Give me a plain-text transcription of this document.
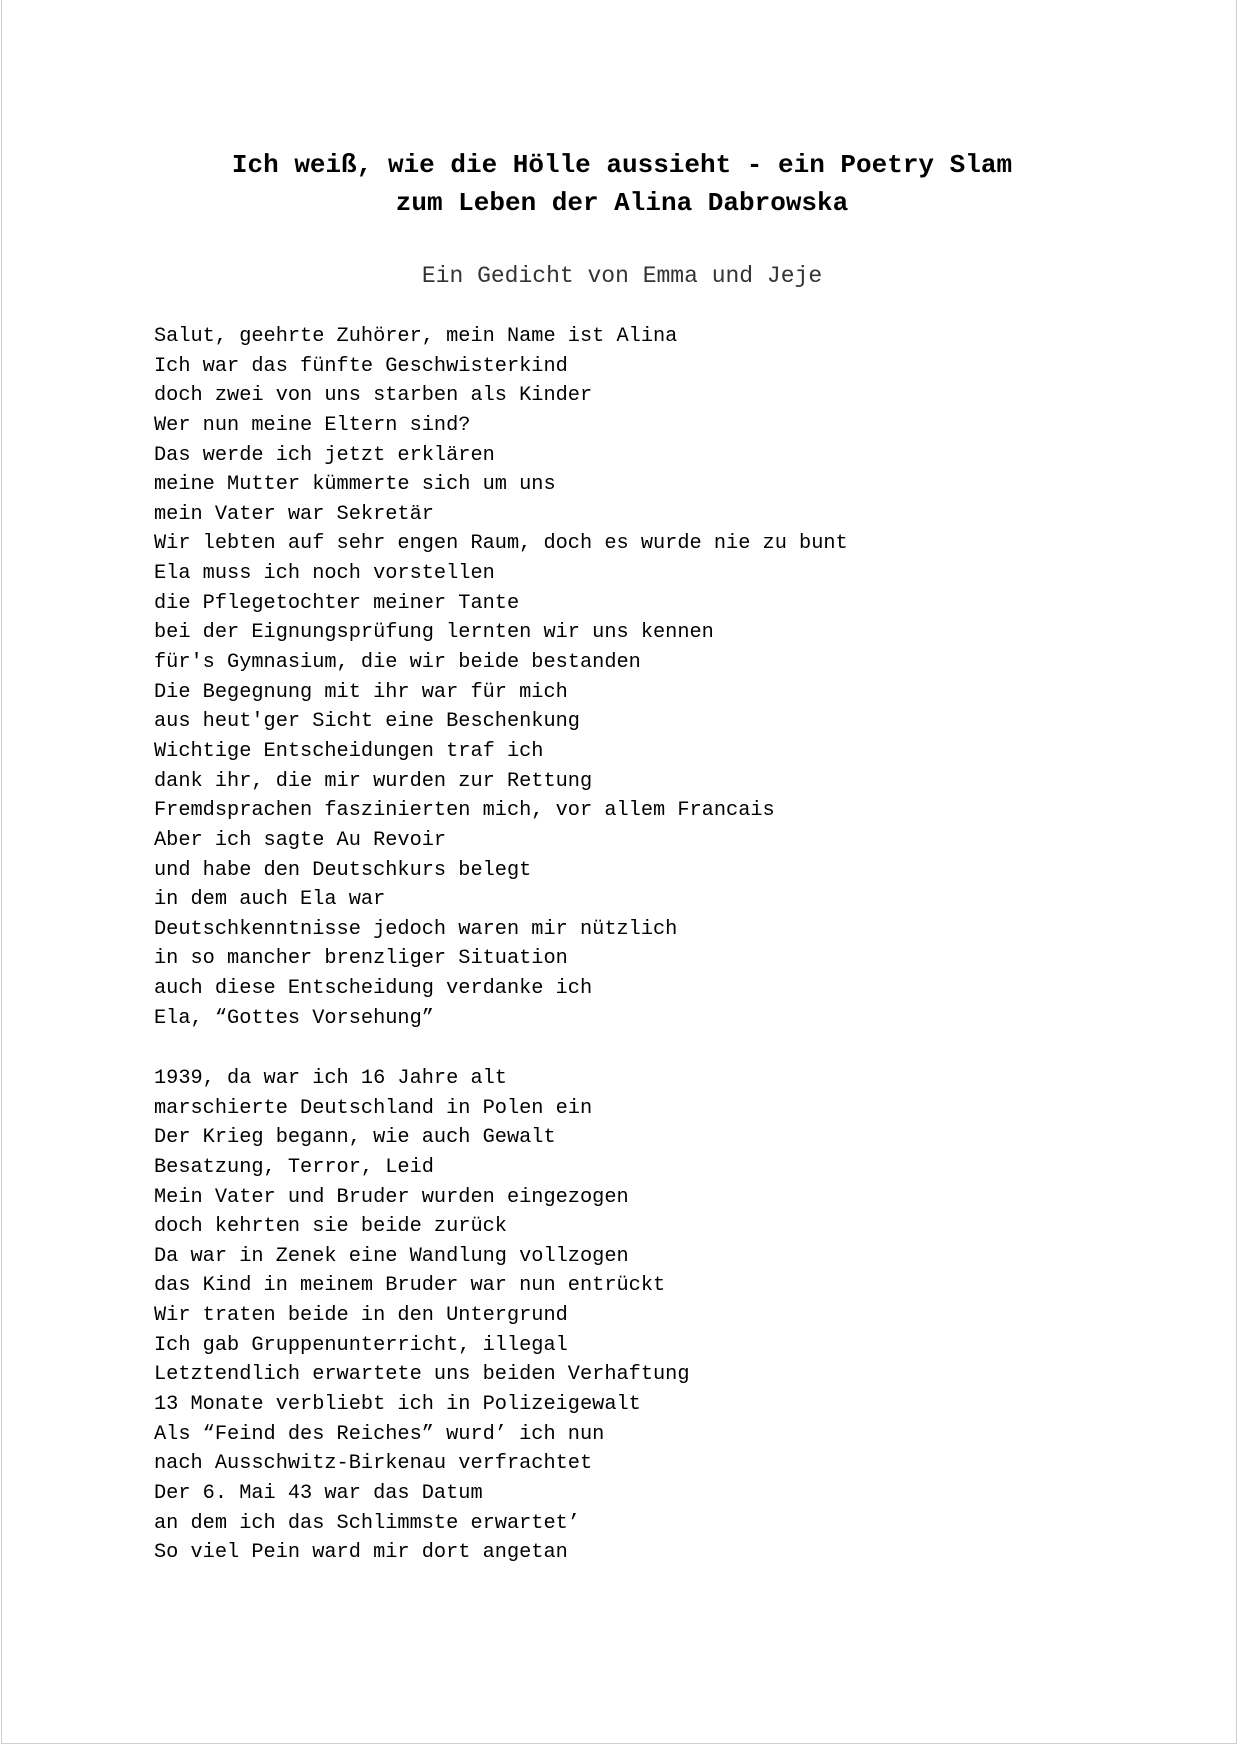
Ich weiß, wie die Hölle aussieht - ein Poetry Slam
zum Leben der Alina Dabrowska
Ein Gedicht von Emma und Jeje
Salut, geehrte Zuhörer, mein Name ist Alina
Ich war das fünfte Geschwisterkind
doch zwei von uns starben als Kinder
Wer nun meine Eltern sind?
Das werde ich jetzt erklären
meine Mutter kümmerte sich um uns
mein Vater war Sekretär
Wir lebten auf sehr engen Raum, doch es wurde nie zu bunt
Ela muss ich noch vorstellen
die Pflegetochter meiner Tante
bei der Eignungsprüfung lernten wir uns kennen
für's Gymnasium, die wir beide bestanden
Die Begegnung mit ihr war für mich
aus heut'ger Sicht eine Beschenkung
Wichtige Entscheidungen traf ich
dank ihr, die mir wurden zur Rettung
Fremdsprachen faszinierten mich, vor allem Francais
Aber ich sagte Au Revoir
und habe den Deutschkurs belegt
in dem auch Ela war
Deutschkenntnisse jedoch waren mir nützlich
in so mancher brenzliger Situation
auch diese Entscheidung verdanke ich
Ela, “Gottes Vorsehung”
1939, da war ich 16 Jahre alt
marschierte Deutschland in Polen ein
Der Krieg begann, wie auch Gewalt
Besatzung, Terror, Leid
Mein Vater und Bruder wurden eingezogen
doch kehrten sie beide zurück
Da war in Zenek eine Wandlung vollzogen
das Kind in meinem Bruder war nun entrückt
Wir traten beide in den Untergrund
Ich gab Gruppenunterricht, illegal
Letztendlich erwartete uns beiden Verhaftung
13 Monate verbliebt ich in Polizeigewalt
Als “Feind des Reiches” wurd’ ich nun
nach Ausschwitz-Birkenau verfrachtet
Der 6. Mai 43 war das Datum
an dem ich das Schlimmste erwartet’
So viel Pein ward mir dort angetan
